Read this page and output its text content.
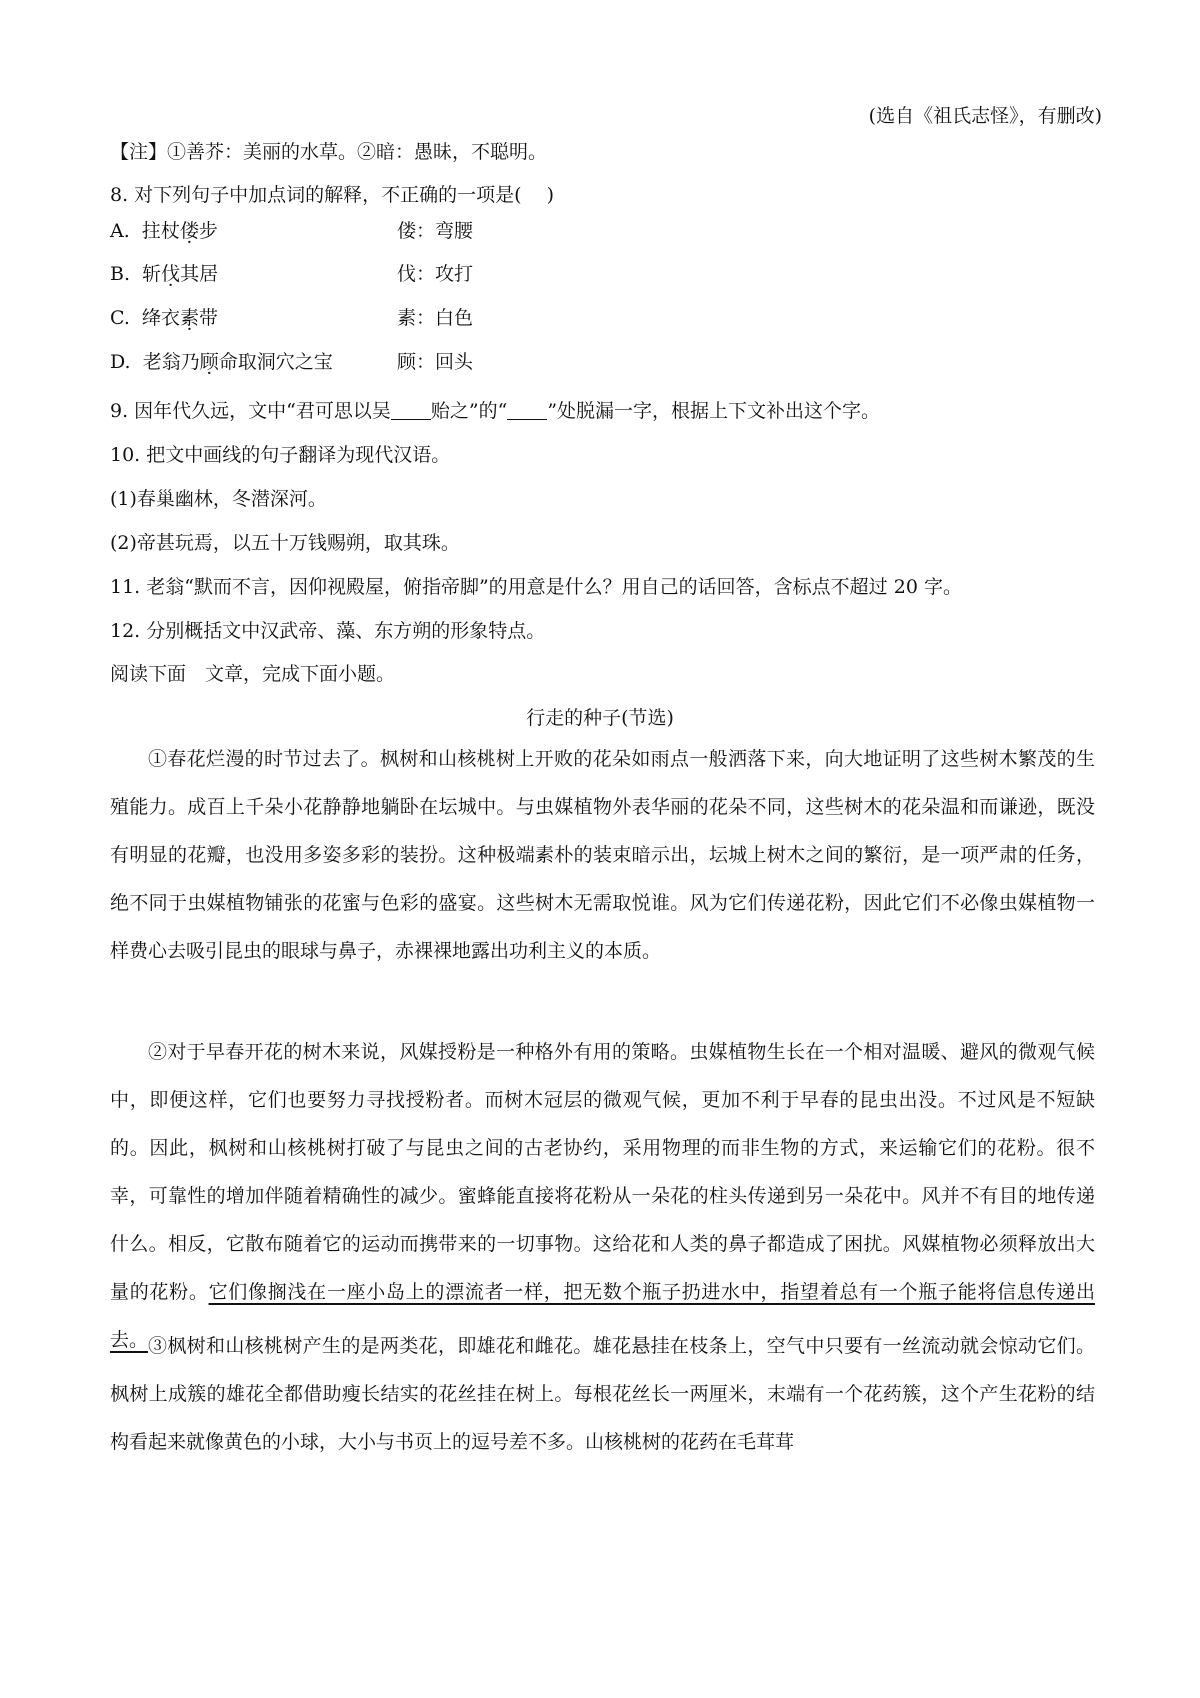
(选自《祖氏志怪》，有删改)
【注】①善芥：美丽的水草。②暗：愚昧，不聪明。
8. 对下列句子中加点词的解释，不正确的一项是(　 )
A. 拄杖偻步	偻：弯腰
B. 斩伐其居	伐：攻打
C. 绛衣素带	素：白色
D. 老翁乃顾命取洞穴之宝	顾：回头
9. 因年代久远，文中“君可思以吴 贻之”的“ ”处脱漏一字，根据上下文补出这个字。
10. 把文中画线的句子翻译为现代汉语。
(1)春巢幽林，冬潜深河。
(2)帝甚玩焉，以五十万钱赐朔，取其珠。
11. 老翁“默而不言，因仰视殿屋，俯指帝脚”的用意是什么？用自己的话回答，含标点不超过 20 字。
12. 分别概括文中汉武帝、藻、东方朔的形象特点。
阅读下面　文章，完成下面小题。
行走的种子(节选)
①春花烂漫的时节过去了。枫树和山核桃树上开败的花朵如雨点一般洒落下来，向大地证明了这些树木繁茂的生殖能力。成百上千朵小花静静地躺卧在坛城中。与虫媒植物外表华丽的花朵不同，这些树木的花朵温和而谦逊，既没有明显的花瓣，也没用多姿多彩的装扮。这种极端素朴的装束暗示出，坛城上树木之间的繁衍，是一项严肃的任务，绝不同于虫媒植物铺张的花蜜与色彩的盛宴。这些树木无需取悦谁。风为它们传递花粉，因此它们不必像虫媒植物一样费心去吸引昆虫的眼球与鼻子，赤裸裸地露出功利主义的本质。
②对于早春开花的树木来说，风媒授粉是一种格外有用的策略。虫媒植物生长在一个相对温暖、避风的微观气候中，即便这样，它们也要努力寻找授粉者。而树木冠层的微观气候，更加不利于早春的昆虫出没。不过风是不短缺的。因此，枫树和山核桃树打破了与昆虫之间的古老协约，采用物理的而非生物的方式，来运输它们的花粉。很不幸，可靠性的增加伴随着精确性的减少。蜜蜂能直接将花粉从一朵花的柱头传递到另一朵花中。风并不有目的地传递什么。相反，它散布随着它的运动而携带来的一切事物。这给花和人类的鼻子都造成了困扰。风媒植物必须释放出大量的花粉。它们像搁浅在一座小岛上的漂流者一样，把无数个瓶子扔进水中，指望着总有一个瓶子能将信息传递出去。 ③枫树和山核桃树产生的是两类花，即雄花和雌花。雄花悬挂在枝条上，空气中只要有一丝流动就会惊动它们。枫树上成簇的雄花全都借助瘦长结实的花丝挂在树上。每根花丝长一两厘米，末端有一个花药簇，这个产生花粉的结构看起来就像黄色的小球，大小与书页上的逗号差不多。山核桃树的花药在毛茸茸
